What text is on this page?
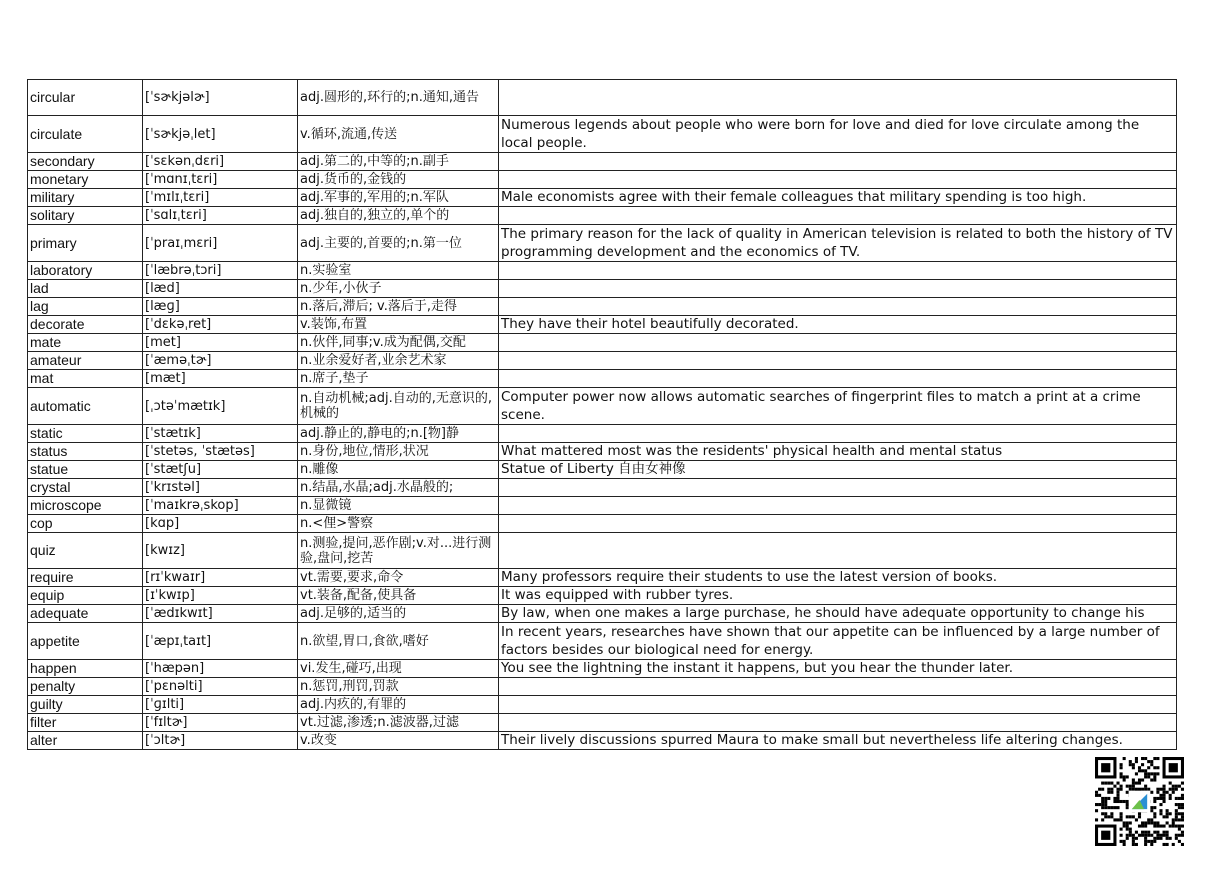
circular	[ˈsɚkjəlɚ]	adj.圆形的,环行的;n.通知,通告	
circulate	[ˈsɚkjəˌlet]	v.循环,流通,传送	Numerous legends about people who were born for love and died for love circulate among the local people.
secondary	[ˈsɛkənˌdɛri]	adj.第二的,中等的;n.副手	
monetary	[ˈmɑnɪˌtɛri]	adj.货币的,金钱的	
military	[ˈmɪlɪˌtɛri]	adj.军事的,军用的;n.军队	Male economists agree with their female colleagues that military spending is too high.
solitary	[ˈsɑlɪˌtɛri]	adj.独自的,独立的,单个的	
primary	[ˈpraɪˌmɛri]	adj.主要的,首要的;n.第一位	The primary reason for the lack of quality in American television is related to both the history of TV programming development and the economics of TV.
laboratory	[ˈlæbrəˌtɔri]	n.实验室	
lad	[læd]	n.少年,小伙子	
lag	[læɡ]	n.落后,滞后; v.落后于,走得	
decorate	[ˈdɛkəˌret]	v.装饰,布置	They have their hotel beautifully decorated.
mate	[met]	n.伙伴,同事;v.成为配偶,交配	
amateur	[ˈæməˌtɚ]	n.业余爱好者,业余艺术家	
mat	[mæt]	n.席子,垫子	
automatic	[ˌɔtəˈmætɪk]	n.自动机械;adj.自动的,无意识的,机械的	Computer power now allows automatic searches of fingerprint files to match a print at a crime scene.
static	[ˈstætɪk]	adj.静止的,静电的;n.[物]静	
status	[ˈstetəs, ˈstætəs]	n.身份,地位,情形,状况	What mattered most was the residents' physical health and mental status
statue	[ˈstætʃu]	n.雕像	Statue of Liberty 自由女神像
crystal	[ˈkrɪstəl]	n.结晶,水晶;adj.水晶般的;	
microscope	[ˈmaɪkrəˌskop]	n.显微镜	
cop	[kɑp]	n.<俚>警察	
quiz	[kwɪz]	n.测验,提问,恶作剧;v.对...进行测验,盘问,挖苦	
require	[rɪˈkwaɪr]	vt.需要,要求,命令	Many professors require their students to use the latest version of books.
equip	[ɪˈkwɪp]	vt.装备,配备,使具备	It was equipped with rubber tyres.
adequate	[ˈædɪkwɪt]	adj.足够的,适当的	By law, when one makes a large purchase, he should have adequate opportunity to change his
appetite	[ˈæpɪˌtaɪt]	n.欲望,胃口,食欲,嗜好	In recent years, researches have shown that our appetite can be influenced by a large number of factors besides our biological need for energy.
happen	[ˈhæpən]	vi.发生,碰巧,出现	You see the lightning the instant it happens, but you hear the thunder later.
penalty	[ˈpɛnəlti]	n.惩罚,刑罚,罚款	
guilty	[ˈɡɪlti]	adj.内疚的,有罪的	
filter	[ˈfɪltɚ]	vt.过滤,渗透;n.滤波器,过滤	
alter	[ˈɔltɚ]	v.改变	Their lively discussions spurred Maura to make small but nevertheless life altering changes.
